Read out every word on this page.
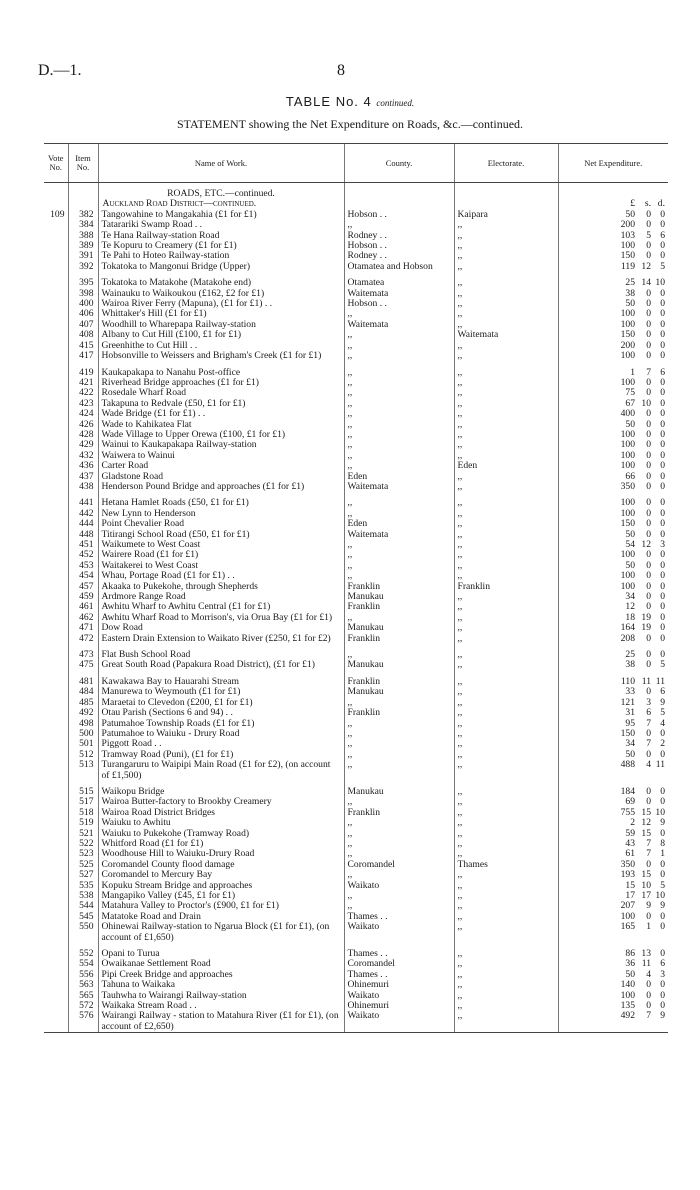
D.—1.	8
TABLE No. 4 continued.
STATEMENT showing the Net Expenditure on Roads, &c.—continued.
Vote No.	Item No.	Name of Work.	County.	Electorate.	Net Expenditure.

		ROADS, ETC.—continued.			
		Auckland Road District—continued.			£ s. d.

109	382	Tangowahine to Mangakahia (£1 for £1)	Hobson . .	Kaipara	50 0 0

	384	Tatarariki Swamp Road . .	,,	,,	200 0 0

	388	Te Hana Railway-station Road	Rodney . .	,,	103 5 6

	389	Te Kopuru to Creamery (£1 for £1)	Hobson . .	,,	100 0 0

	391	Te Pahi to Hoteo Railway-station	Rodney . .	,,	150 0 0

	392	Tokatoka to Mangonui Bridge (Upper)	Otamatea and Hobson	,,	119 12 5

	395	Tokatoka to Matakohe (Matakohe end)	Otamatea	,,	25 14 10

	398	Wainauku to Waikoukou (£162, £2 for £1)	Waitemata	,,	38 0 0

	400	Wairoa River Ferry (Mapuna), (£1 for £1) . .	Hobson . .	,,	50 0 0

	406	Whittaker's Hill (£1 for £1)	,,	,,	100 0 0

	407	Woodhill to Wharepapa Railway-station	Waitemata	,,	100 0 0

	408	Albany to Cut Hill (£100, £1 for £1)	,,	Waitemata	150 0 0

	415	Greenhithe to Cut Hill . .	,,	,,	200 0 0

	417	Hobsonville to Weissers and Brigham's Creek (£1 for £1)	,,	,,	100 0 0

	419	Kaukapakapa to Nanahu Post-office	,,	,,	1 7 6

	421	Riverhead Bridge approaches (£1 for £1)	,,	,,	100 0 0

	422	Rosedale Wharf Road	,,	,,	75 0 0

	423	Takapuna to Redvale (£50, £1 for £1)	,,	,,	67 10 0

	424	Wade Bridge (£1 for £1) . .	,,	,,	400 0 0

	426	Wade to Kahikatea Flat	,,	,,	50 0 0

	428	Wade Village to Upper Orewa (£100, £1 for £1)	,,	,,	100 0 0

	429	Wainui to Kaukapakapa Railway-station	,,	,,	100 0 0

	432	Waiwera to Wainui	,,	,,	100 0 0

	436	Carter Road	,,	Eden	100 0 0

	437	Gladstone Road	Eden	,,	66 0 0

	438	Henderson Pound Bridge and approaches (£1 for £1)	Waitemata	,,	350 0 0

	441	Hetana Hamlet Roads (£50, £1 for £1)	,,	,,	100 0 0

	442	New Lynn to Henderson	,,	,,	100 0 0

	444	Point Chevalier Road	Eden	,,	150 0 0

	448	Titirangi School Road (£50, £1 for £1)	Waitemata	,,	50 0 0

	451	Waikumete to West Coast	,,	,,	54 12 3

	452	Wairere Road (£1 for £1)	,,	,,	100 0 0

	453	Waitakerei to West Coast	,,	,,	50 0 0

	454	Whau, Portage Road (£1 for £1) . .	,,	,,	100 0 0

	457	Akaaka to Pukekohe, through Shepherds	Franklin	Franklin	100 0 0

	459	Ardmore Range Road	Manukau	,,	34 0 0

	461	Awhitu Wharf to Awhitu Central (£1 for £1)	Franklin	,,	12 0 0

	462	Awhitu Wharf Road to Morrison's, via Orua Bay (£1 for £1)	,,	,,	18 19 0

	471	Dow Road	Manukau	,,	164 19 0

	472	Eastern Drain Extension to Waikato River (£250, £1 for £2)	Franklin	,,	208 0 0

	473	Flat Bush School Road	,,	,,	25 0 0

	475	Great South Road (Papakura Road District), (£1 for £1)	Manukau	,,	38 0 5

	481	Kawakawa Bay to Hauarahi Stream	Franklin	,,	110 11 11

	484	Manurewa to Weymouth (£1 for £1)	Manukau	,,	33 0 6

	485	Maraetai to Clevedon (£200, £1 for £1)	,,	,,	121 3 9

	492	Otau Parish (Sections 6 and 94) . .	Franklin	,,	31 6 5

	498	Patumahoe Township Roads (£1 for £1)	,,	,,	95 7 4

	500	Patumahoe to Waiuku - Drury Road	,,	,,	150 0 0

	501	Piggott Road . .	,,	,,	34 7 2

	512	Tramway Road (Puni), (£1 for £1)	,,	,,	50 0 0

	513	Turangaruru to Waipipi Main Road (£1 for £2), (on account of £1,500)	,,	,,	488 4 11

	515	Waikopu Bridge	Manukau	,,	184 0 0

	517	Wairoa Butter-factory to Brookby Creamery	,,	,,	69 0 0

	518	Wairoa Road District Bridges	Franklin	,,	755 15 10

	519	Waiuku to Awhitu	,,	,,	2 12 9

	521	Waiuku to Pukekohe (Tramway Road)	,,	,,	59 15 0

	522	Whitford Road (£1 for £1)	,,	,,	43 7 8

	523	Woodhouse Hill to Waiuku-Drury Road	,,	,,	61 7 1

	525	Coromandel County flood damage	Coromandel	Thames	350 0 0

	527	Coromandel to Mercury Bay	,,	,,	193 15 0

	535	Kopuku Stream Bridge and approaches	Waikato	,,	15 10 5

	538	Mangapiko Valley (£45, £1 for £1)	,,	,,	17 17 10

	544	Matahura Valley to Proctor's (£900, £1 for £1)	,,	,,	207 9 9

	545	Matatoke Road and Drain	Thames . .	,,	100 0 0

	550	Ohinewai Railway-station to Ngarua Block (£1 for £1), (on account of £1,650)	Waikato	,,	165 1 0

	552	Opani to Turua	Thames . .	,,	86 13 0

	554	Owaikanae Settlement Road	Coromandel	,,	36 11 6

	556	Pipi Creek Bridge and approaches	Thames . .	,,	50 4 3

	563	Tahuna to Waikaka	Ohinemuri	,,	140 0 0

	565	Tauhwha to Wairangi Railway-station	Waikato	,,	100 0 0

	572	Waikaka Stream Road . .	Ohinemuri	,,	135 0 0

	576	Wairangi Railway - station to Matahura River (£1 for £1), (on account of £2,650)	Waikato	,,	492 7 9
